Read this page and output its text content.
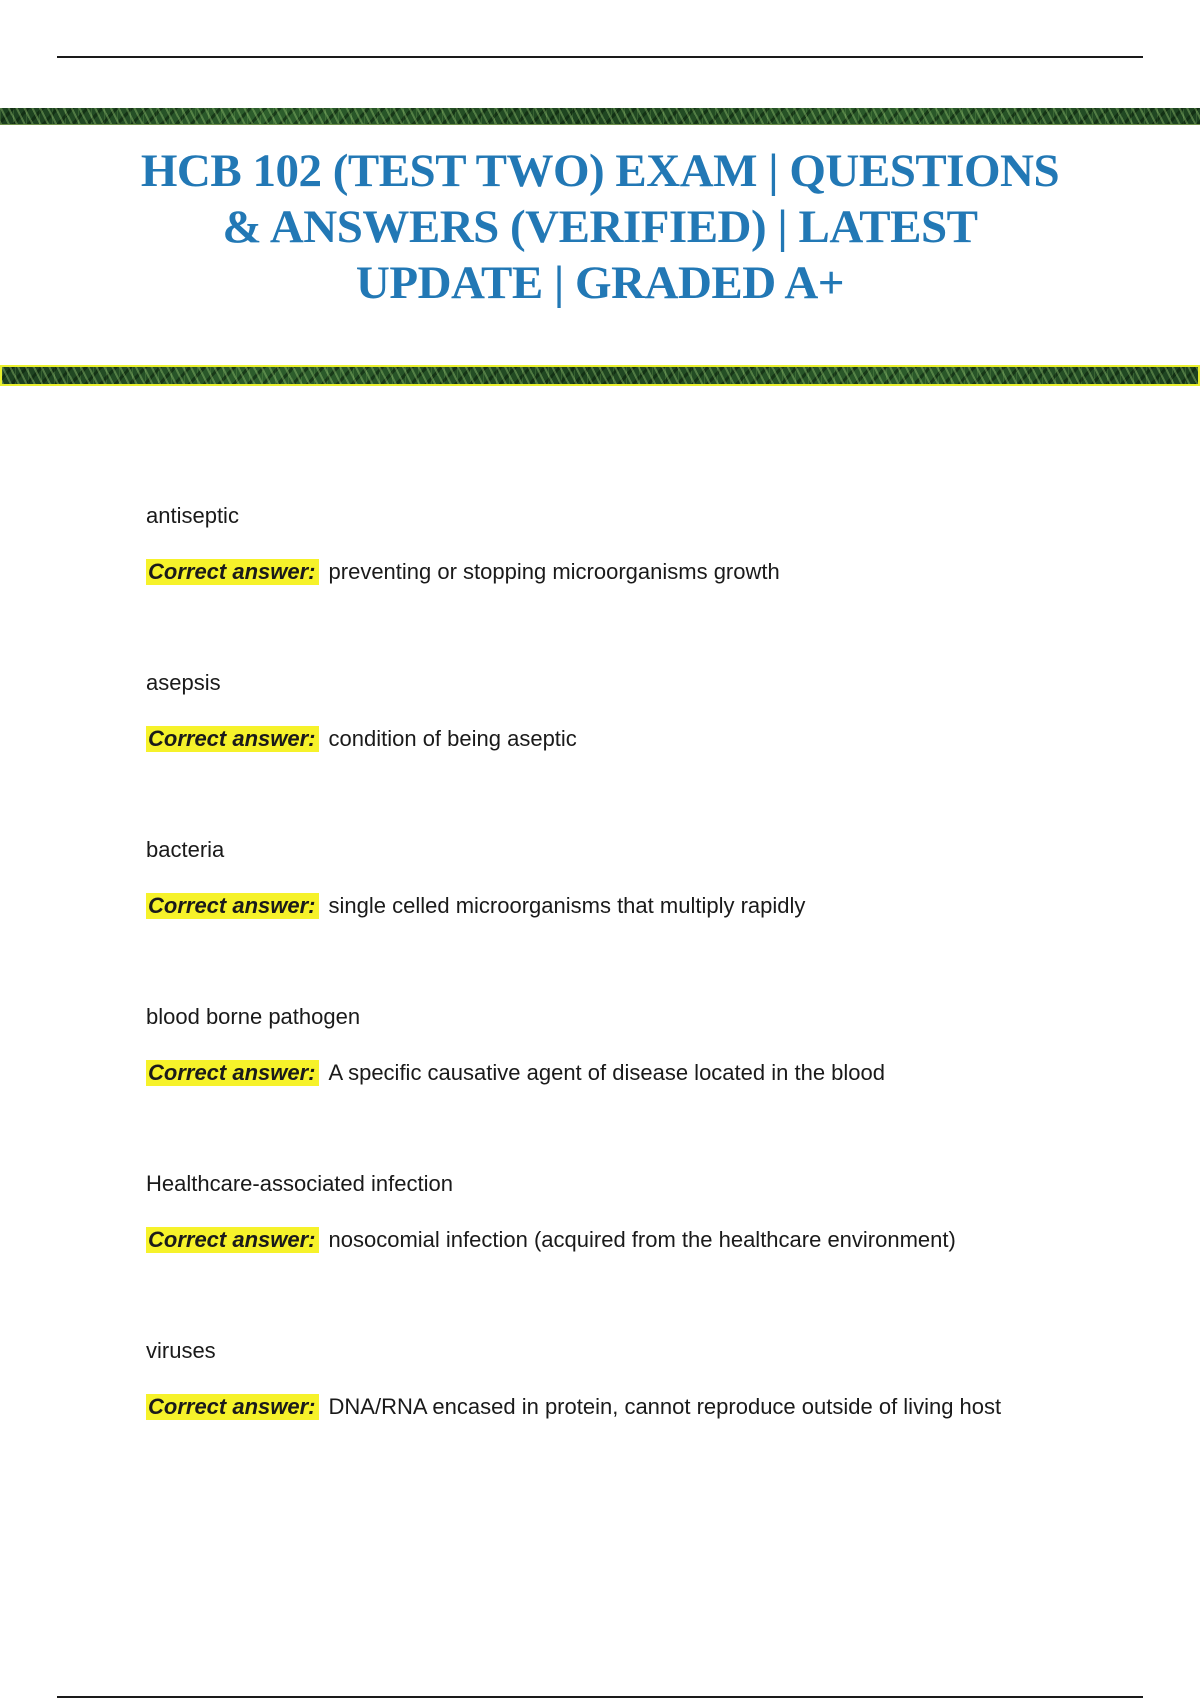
HCB 102 (TEST TWO) EXAM | QUESTIONS
& ANSWERS (VERIFIED) | LATEST
UPDATE | GRADED A+
antiseptic
Correct answer: preventing or stopping microorganisms growth
asepsis
Correct answer: condition of being aseptic
bacteria
Correct answer: single celled microorganisms that multiply rapidly
blood borne pathogen
Correct answer: A specific causative agent of disease located in the blood
Healthcare-associated infection
Correct answer: nosocomial infection (acquired from the healthcare environment)
viruses
Correct answer: DNA/RNA encased in protein, cannot reproduce outside of living host
